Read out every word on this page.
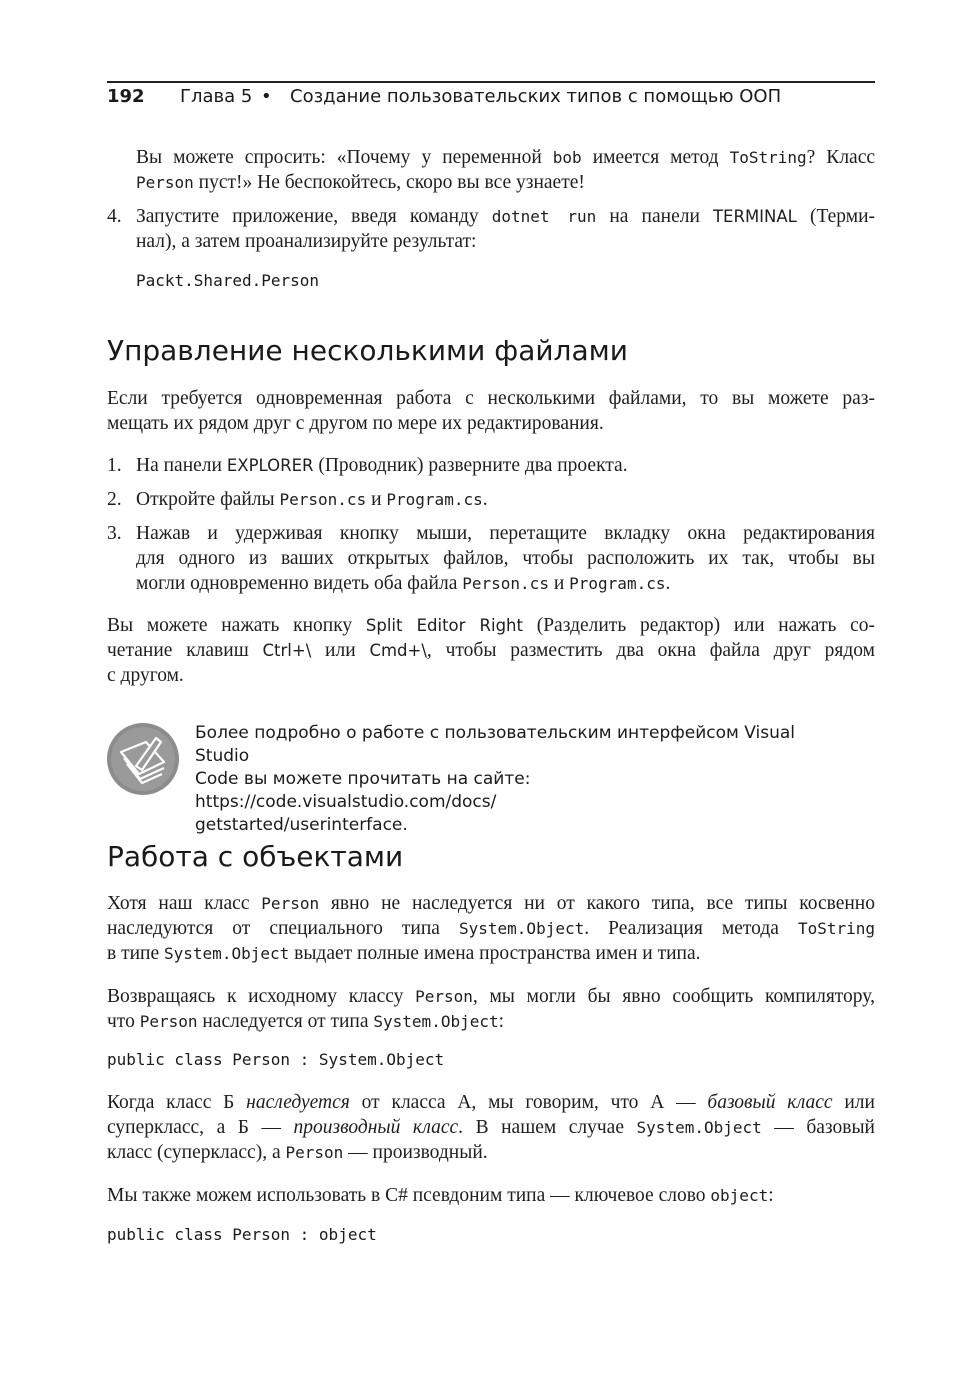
192 Глава 5 • Создание пользовательских типов с помощью ООП
Вы можете спросить: «Почему у переменной bob имеется метод ToString? Класс
Person пуст!» Не беспокойтесь, скоро вы все узнаете!
4. Запустите приложение, введя команду dotnet run на панели TERMINAL (Терми-
нал), а затем проанализируйте результат:
Packt.Shared.Person
Управление несколькими файлами
Если требуется одновременная работа с несколькими файлами, то вы можете раз-
мещать их рядом друг с другом по мере их редактирования.
1. На панели EXPLORER (Проводник) разверните два проекта.
2. Откройте файлы Person.cs и Program.cs.
3. Нажав и удерживая кнопку мыши, перетащите вкладку окна редактирования
для одного из ваших открытых файлов, чтобы расположить их так, чтобы вы
могли одновременно видеть оба файла Person.cs и Program.cs.
Вы можете нажать кнопку Split Editor Right (Разделить редактор) или нажать со-
четание клавиш Ctrl+\ или Cmd+\, чтобы разместить два окна файла друг рядом
с другом.
Более подробно о работе с пользовательским интерфейсом Visual Studio
Code вы можете прочитать на сайте: https://code.visualstudio.com/docs/
getstarted/userinterface.
Работа с объектами
Хотя наш класс Person явно не наследуется ни от какого типа, все типы косвенно
наследуются от специального типа System.Object. Реализация метода ToString
в типе System.Object выдает полные имена пространства имен и типа.
Возвращаясь к исходному классу Person, мы могли бы явно сообщить компилятору,
что Person наследуется от типа System.Object:
public class Person : System.Object
Когда класс Б наследуется от класса А, мы говорим, что А — базовый класс или
суперкласс, а Б — производный класс. В нашем случае System.Object — базовый
класс (суперкласс), а Person — производный.
Мы также можем использовать в C# псевдоним типа — ключевое слово object:
public class Person : object
